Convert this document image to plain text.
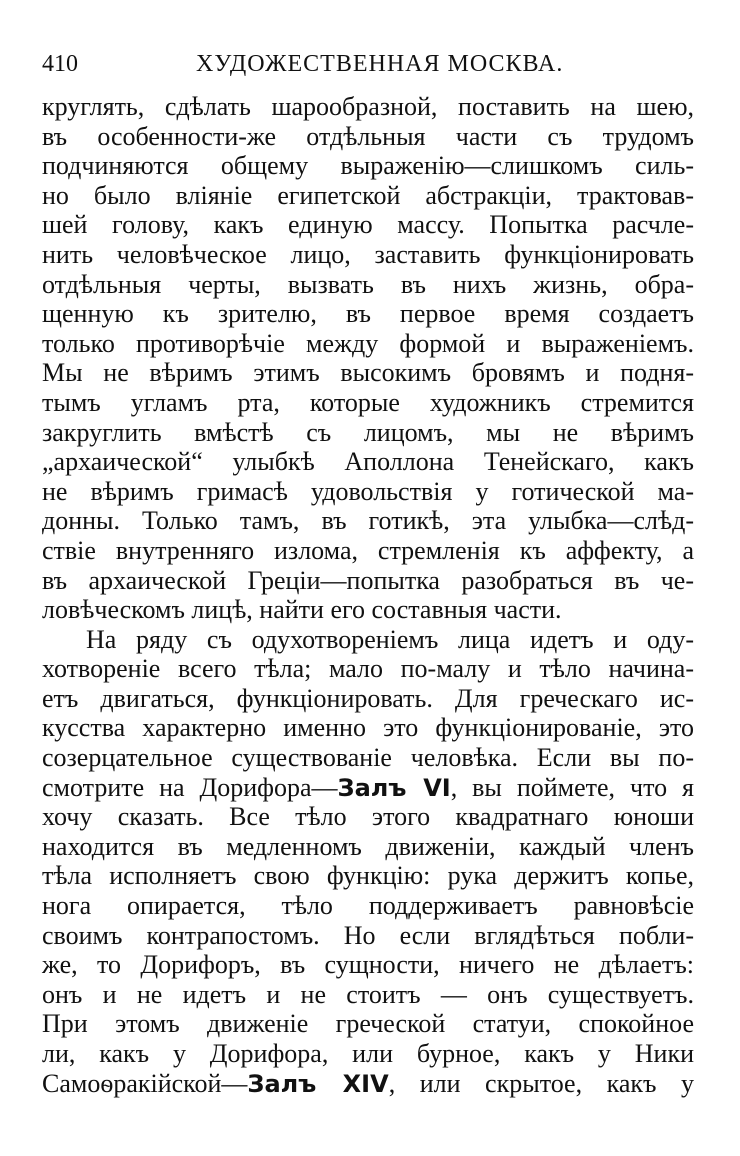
410	ХУДОЖЕСТВЕННАЯ МОСКВА.
круглять, сдѣлать шарообразной, поставить на шею,
въ особенности-же отдѣльныя части съ трудомъ
подчиняются общему выраженію—слишкомъ силь-
но было вліяніе египетской абстракціи, трактовав-
шей голову, какъ единую массу. Попытка расчле-
нить человѣческое лицо, заставить функціонировать
отдѣльныя черты, вызвать въ нихъ жизнь, обра-
щенную къ зрителю, въ первое время создаетъ
только противорѣчіе между формой и выраженіемъ.
Мы не вѣримъ этимъ высокимъ бровямъ и подня-
тымъ угламъ рта, которые художникъ стремится
закруглить вмѣстѣ съ лицомъ, мы не вѣримъ
„архаической“ улыбкѣ Аполлона Тенейскаго, какъ
не вѣримъ гримасѣ удовольствія у готической ма-
донны. Только тамъ, въ готикѣ, эта улыбка—слѣд-
ствіе внутренняго излома, стремленія къ аффекту, а
въ архаической Греціи—попытка разобраться въ че-
ловѣческомъ лицѣ, найти его составныя части.
На ряду съ одухотвореніемъ лица идетъ и оду-
хотвореніе всего тѣла; мало по-малу и тѣло начина-
етъ двигаться, функціонировать. Для греческаго ис-
кусства характерно именно это функціонированіе, это
созерцательное существованіе человѣка. Если вы по-
смотрите на Дорифора—Залъ VI, вы поймете, что я
хочу сказать. Все тѣло этого квадратнаго юноши
находится въ медленномъ движеніи, каждый членъ
тѣла исполняетъ свою функцію: рука держитъ копье,
нога опирается, тѣло поддерживаетъ равновѣсіе
своимъ контрапостомъ. Но если вглядѣться побли-
же, то Дорифоръ, въ сущности, ничего не дѣлаетъ:
онъ и не идетъ и не стоитъ — онъ существуетъ.
При этомъ движеніе греческой статуи, спокойное
ли, какъ у Дорифора, или бурное, какъ у Ники
Самоѳракійской—Залъ XIV, или скрытое, какъ у
